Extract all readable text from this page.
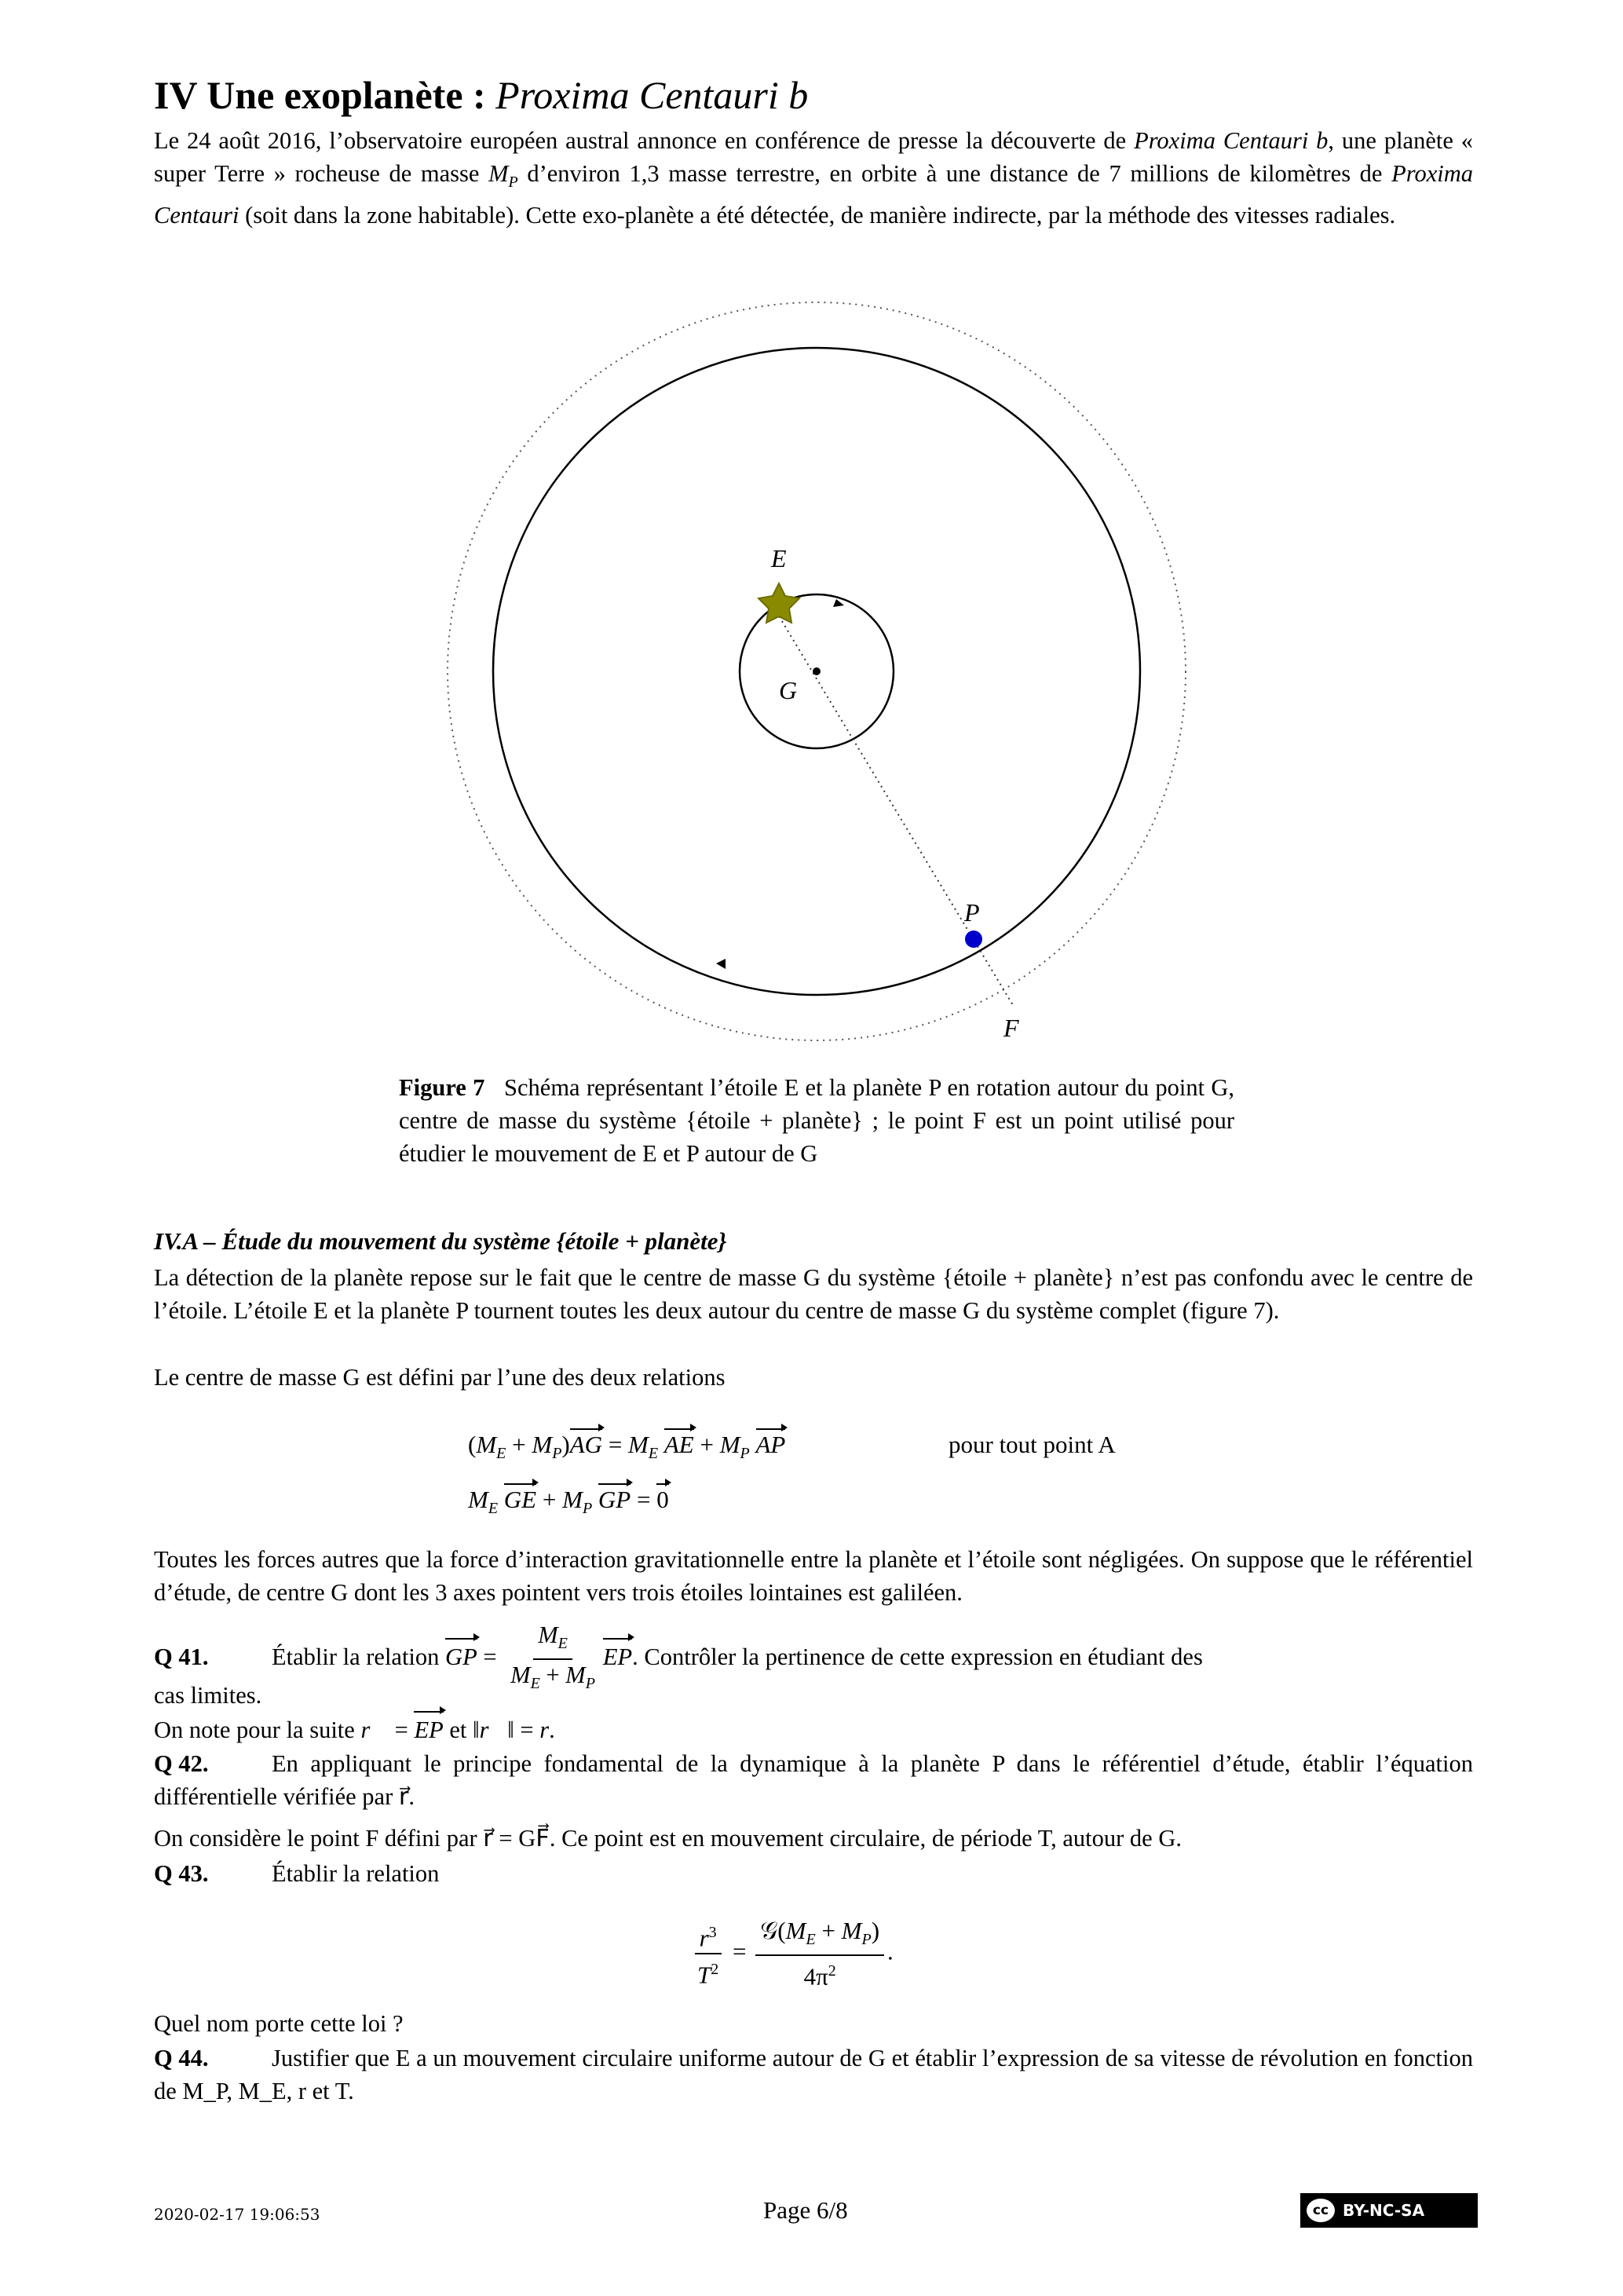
IV Une exoplanète : Proxima Centauri b
Le 24 août 2016, l’observatoire européen austral annonce en conférence de presse la découverte de Proxima Centauri b, une planète « super Terre » rocheuse de masse $M_P$ d’environ 1,3 masse terrestre, en orbite à une distance de 7 millions de kilomètres de Proxima Centauri (soit dans la zone habitable). Cette exo-planète a été détectée, de manière indirecte, par la méthode des vitesses radiales.
E
G
P
F
Figure 7 Schéma représentant l’étoile E et la planète P en rotation autour du point G, centre de masse du système {étoile + planète} ; le point F est un point utilisé pour étudier le mouvement de E et P autour de G
IV.A – Étude du mouvement du système {étoile + planète}
La détection de la planète repose sur le fait que le centre de masse G du système {étoile + planète} n’est pas confondu avec le centre de l’étoile. L’étoile E et la planète P tournent toutes les deux autour du centre de masse G du système complet (figure 7).
Le centre de masse G est défini par l’une des deux relations
$(M_E + M_P)AG = M_E$ AE + $M_P$ AP	pour tout point A
$M_E$ GE + $M_P$ GP = 0
Toutes les forces autres que la force d’interaction gravitationnelle entre la planète et l’étoile sont négligées. On suppose que le référentiel d’étude, de centre G dont les 3 axes pointent vers trois étoiles lointaines est galiléen.
Q 41.	Établir la relation GP = $\frac{M_E}{M_E + M_P}$ EP. Contrôler la pertinence de cette expression en étudiant des
cas limites.
On note pour la suite r⃗ = EP et ‖r⃗‖ = r.
Q 42.	En appliquant le principe fondamental de la dynamique à la planète P dans le référentiel d’étude, établir l’équation différentielle vérifiée par r⃗.
On considère le point F défini par r⃗ = GF⃗. Ce point est en mouvement circulaire, de période T, autour de G.
Q 43.	Établir la relation
$\frac{r^3}{T^2} = \frac{𝒢(M_E + M_P)}{4\pi^2}$ .
Quel nom porte cette loi ?
Q 44.	Justifier que E a un mouvement circulaire uniforme autour de G et établir l’expression de sa vitesse de révolution en fonction de M_P, M_E, r et T.
2020-02-17 19:06:53	Page 6/8	cc BY-NC-SA
